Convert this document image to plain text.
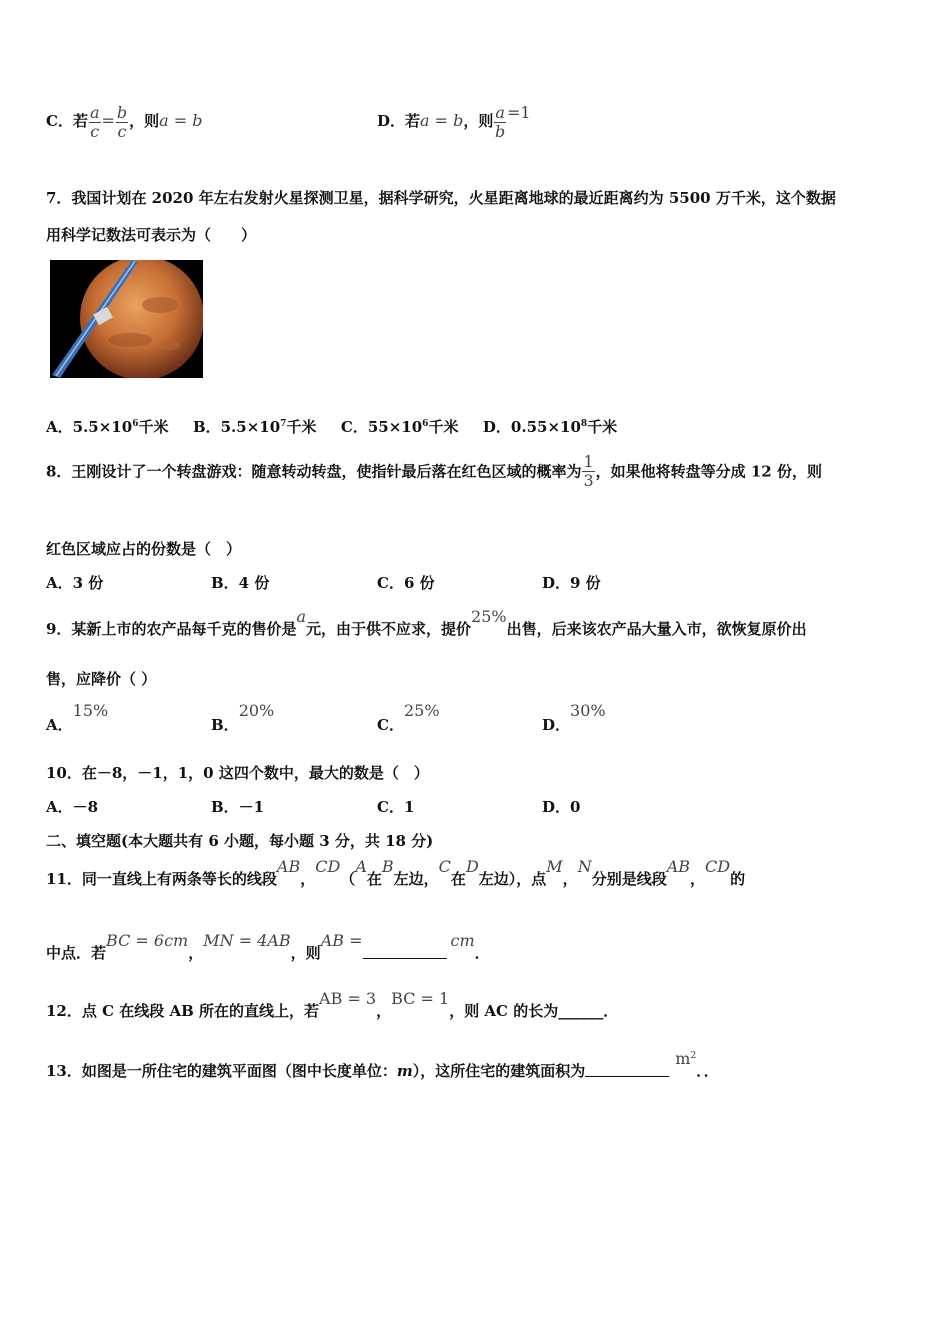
C．若 $\frac{a}{c} = \frac{b}{c}$ ，则a = b	D．若a = b，则 $\frac{a}{b} =1$
7．我国计划在 2020 年左右发射火星探测卫星，据科学研究，火星距离地球的最近距离约为 5500 万千米，这个数据
用科学记数法可表示为（　　）
A．$5.5\times 10^6$千米 B．$5.5\times 10^7$千米 C．$55\times 10^6$千米 D．$0.55\times 10^8$千米
8．王刚设计了一个转盘游戏：随意转动转盘，使指针最后落在红色区域的概率为 $\frac{1}{3}$ ，如果他将转盘等分成 12 份，则
红色区域应占的份数是（　）
A．3 份	B．4 份	C．6 份	D．9 份
9．某新上市的农产品每千克的售价是a元，由于供不应求，提价25%出售，后来该农产品大量入市，欲恢复原价出
售，应降价（ ）
A．15%
B．20%
C．25%
D．30%
10．在－8，－1，1，0 这四个数中，最大的数是（　）
A．－8	B．－1	C．1	D．0
二、填空题(本大题共有 6 小题，每小题 3 分，共 18 分)
11．同一直线上有两条等长的线段AB，CD（A在B左边，C在D左边），点M，N分别是线段AB，CD的
中点．若BC = 6cm，MN = 4AB，则AB =	cm．
12．点 C 在线段 AB 所在的直线上，若AB = 3，BC = 1，则 AC 的长为______．
13．如图是一所住宅的建筑平面图（图中长度单位：m），这所住宅的建筑面积为$m^2$．．
